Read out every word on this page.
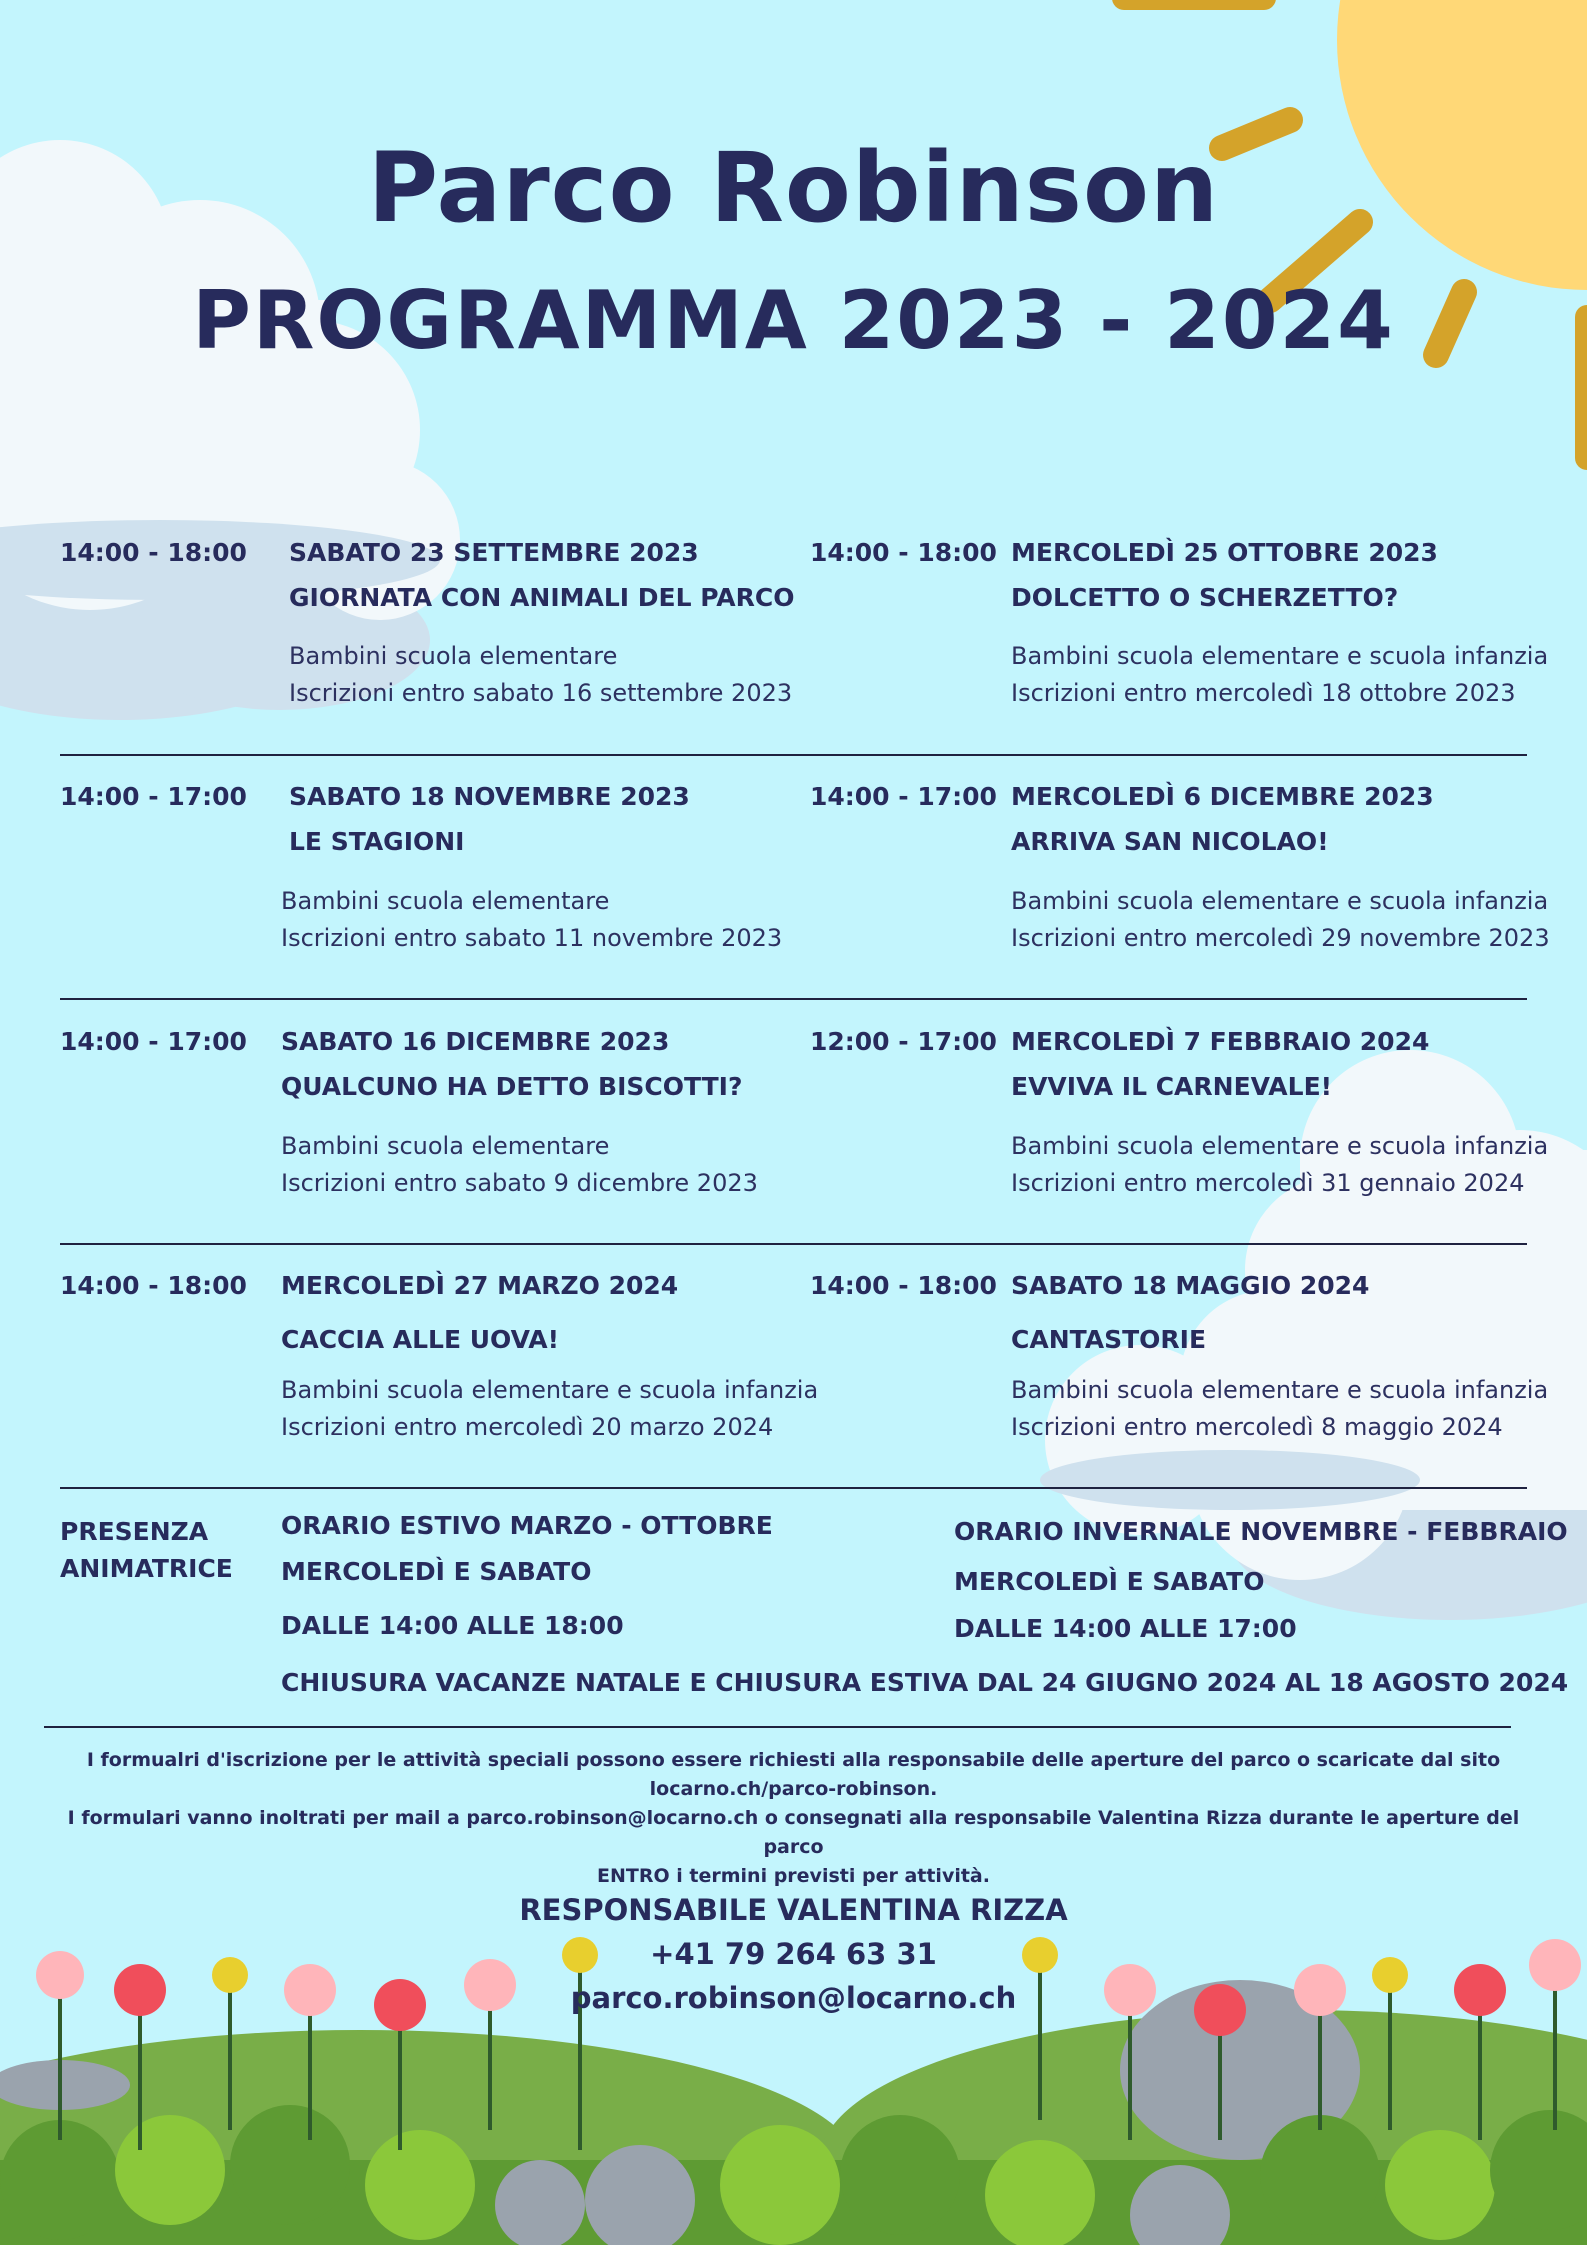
Parco Robinson
PROGRAMMA 2023 - 2024
14:00 - 18:00 SABATO 23 SETTEMBRE 2023
GIORNATA CON ANIMALI DEL PARCO
Bambini scuola elementare
Iscrizioni entro sabato 16 settembre 2023
14:00 - 18:00 MERCOLEDÌ 25 OTTOBRE 2023
DOLCETTO O SCHERZETTO?
Bambini scuola elementare e scuola infanzia
Iscrizioni entro mercoledì 18 ottobre 2023
14:00 - 17:00 SABATO 18 NOVEMBRE 2023
LE STAGIONI
Bambini scuola elementare
Iscrizioni entro sabato 11 novembre 2023
14:00 - 17:00 MERCOLEDÌ 6 DICEMBRE 2023
ARRIVA SAN NICOLAO!
Bambini scuola elementare e scuola infanzia
Iscrizioni entro mercoledì 29 novembre 2023
14:00 - 17:00 SABATO 16 DICEMBRE 2023
QUALCUNO HA DETTO BISCOTTI?
Bambini scuola elementare
Iscrizioni entro sabato 9 dicembre 2023
12:00 - 17:00 MERCOLEDÌ 7 FEBBRAIO 2024
EVVIVA IL CARNEVALE!
Bambini scuola elementare e scuola infanzia
Iscrizioni entro mercoledì 31 gennaio 2024
14:00 - 18:00 MERCOLEDÌ 27 MARZO 2024
CACCIA ALLE UOVA!
Bambini scuola elementare e scuola infanzia
Iscrizioni entro mercoledì 20 marzo 2024
14:00 - 18:00 SABATO 18 MAGGIO 2024
CANTASTORIE
Bambini scuola elementare e scuola infanzia
Iscrizioni entro mercoledì 8 maggio 2024
PRESENZA
ANIMATRICE
ORARIO ESTIVO MARZO - OTTOBRE
MERCOLEDÌ E SABATO
DALLE 14:00 ALLE 18:00
ORARIO INVERNALE NOVEMBRE - FEBBRAIO
MERCOLEDÌ E SABATO
DALLE 14:00 ALLE 17:00
CHIUSURA VACANZE NATALE E CHIUSURA ESTIVA DAL 24 GIUGNO 2024 AL 18 AGOSTO 2024
I formualri d'iscrizione per le attività speciali possono essere richiesti alla responsabile delle aperture del parco o scaricate dal sito
locarno.ch/parco-robinson.
I formulari vanno inoltrati per mail a parco.robinson@locarno.ch o consegnati alla responsabile Valentina Rizza durante le aperture del parco
ENTRO i termini previsti per attività.
RESPONSABILE VALENTINA RIZZA
+41 79 264 63 31
parco.robinson@locarno.ch
